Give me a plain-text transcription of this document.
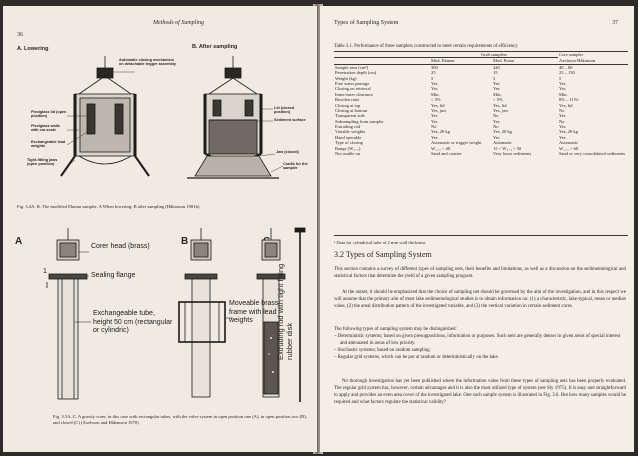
36
Methods of Sampling
A. Lowering	B. After sampling
Automatic closing mechanism on detachable trigger assembly
Plexiglass lid (open position)
Plexiglass walls with cm-scale
Exchangeable lead weights
Tight-fitting jaws (open position)
Lid (closed position)
Sediment surface
Jaw (closed)
Cradle for the sampler
Fig. 3.4A, B. The modified Ekman sampler. A When lowering; B after sampling (Håkanson 1981b)
A	B
Corer head (brass)
1
Sealing flange
Exchangeable tube, height 50 cm (rectangular or cylindric)
Moveable brass frame with lead weights	Extruding rod with tight fitting rubber disk
Fig. 3.5A–C. A gravity corer, in this case with rectangular tubes, with the valve system in open position one (A), in open position two (B), and closed (C) (Axelsson and Håkanson 1978)
Types of Sampling System	37
Table 3.1. Performance of three samplers constructed to meet certain requirements of efficiency
	Grab samplers		Core sampler
	Mod. Ekman	Mod. Ponar	Axelsson-Håkanson
Sample area (cm²)	300	420	40 – 80
Penetration depth (cm)	25	15	25 – 150
Weight (kg)	5	5	5
Free water passage	Yes	Yes	Yes
Closing on retrieval	Yes	Yes	Yes
Inner/outer clearance	Min.	Min.	Min.
Bowden ratio	< 5%	< 5%	8% – 11%ᵃ
Closing at top	Yes, lid	Yes, lid	Yes, lid
Closing at bottom	Yes, jaw	Yes, jaw	No
Transparent side	Yes	No	Yes
Subsampling from sampler	Yes	Yes	No
Extruding rod	No	No	Yes
Variable weights	Yes, 20 kg	Yes, 20 kg	Yes, 20 kg
Hand operable	Yes	Yes	Yes
Type of closing	Automatic or trigger weight	Automatic	Automatic
Range (W₁₋₁)	W₁₋₁ < 40	15 < W₁₋₁ < 50	W₁₋₁ > 60
Not usable on	Sand and coarser	Very loose sediments	Sand or very consolidated sediments
ᵃ Data for cylindrical tube of 2 mm wall thickness
3.2 Types of Sampling System
This section contains a survey of different types of sampling nets, their benefits and limitations, as well as a discussion on the sedimentological and statistical factors that determine the yield of a given sampling program.
At the outset, it should be emphasized that the choice of sampling net should be governed by the aim of the investigation, and in this respect we will assume that the primary aim of most lake sedimentological studies is to obtain information on: (1) a characteristic, lake-typical, mean or median value, (2) the areal distribution pattern of the investigated variable, and (3) the vertical variation in certain sediment cores.
The following types of sampling system may be distinguished:
– Deterministic systems; based on given presuppositions, information or purposes. Such nets are generally denser in given areas of special interest and attenuated in areas of low priority.
– Stochastic systems; based on random sampling.
– Regular grid systems, which can be put at random or deterministically on the lake.
No thorough investigation has yet been published where the information value from these types of sampling nets has been properly evaluated. The regular grid system has, however, certain advantages and it is also the most utilized type of system (see Sly 1975). It is easy and straightforward to apply and provides an even area cover of the investigated lake. One such sample system is illustrated in Fig. 3.6. But how many samples would be required and what factors regulate the statistical validity?
